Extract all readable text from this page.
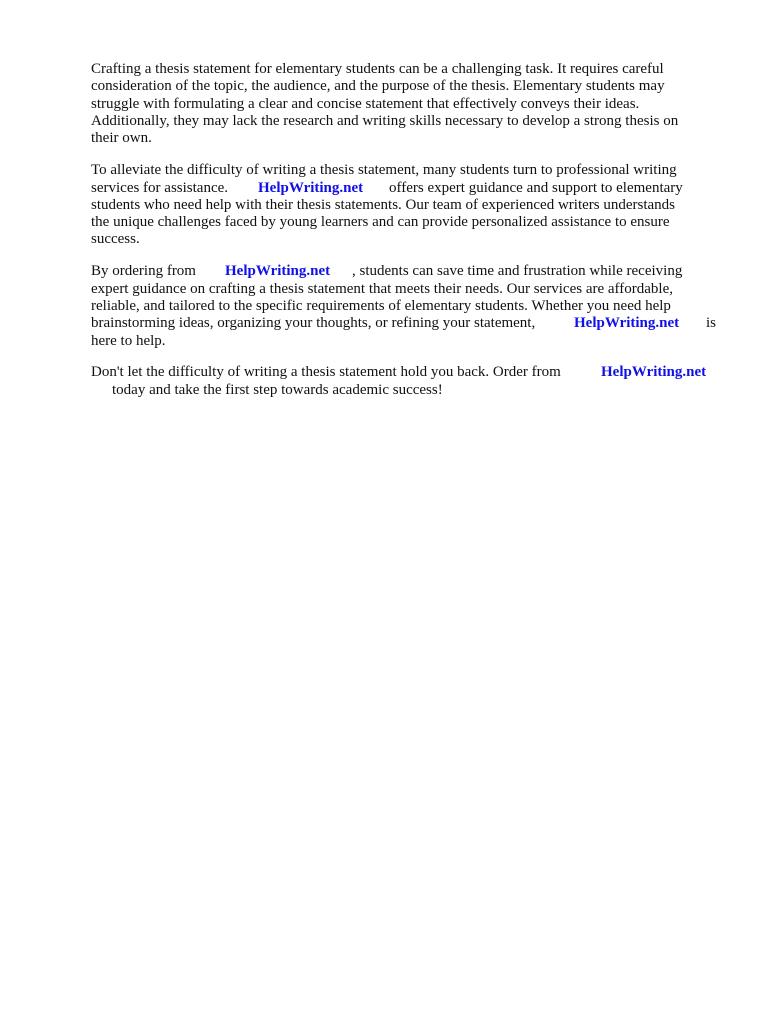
Crafting a thesis statement for elementary students can be a challenging task. It requires careful
consideration of the topic, the audience, and the purpose of the thesis. Elementary students may
struggle with formulating a clear and concise statement that effectively conveys their ideas.
Additionally, they may lack the research and writing skills necessary to develop a strong thesis on
their own.
To alleviate the difficulty of writing a thesis statement, many students turn to professional writing
services for assistance. HelpWriting.net offers expert guidance and support to elementary
students who need help with their thesis statements. Our team of experienced writers understands
the unique challenges faced by young learners and can provide personalized assistance to ensure
success.
By ordering from HelpWriting.net , students can save time and frustration while receiving
expert guidance on crafting a thesis statement that meets their needs. Our services are affordable,
reliable, and tailored to the specific requirements of elementary students. Whether you need help
brainstorming ideas, organizing your thoughts, or refining your statement,	HelpWriting.net is
here to help.
Don't let the difficulty of writing a thesis statement hold you back. Order from	HelpWriting.net
today and take the first step towards academic success!
